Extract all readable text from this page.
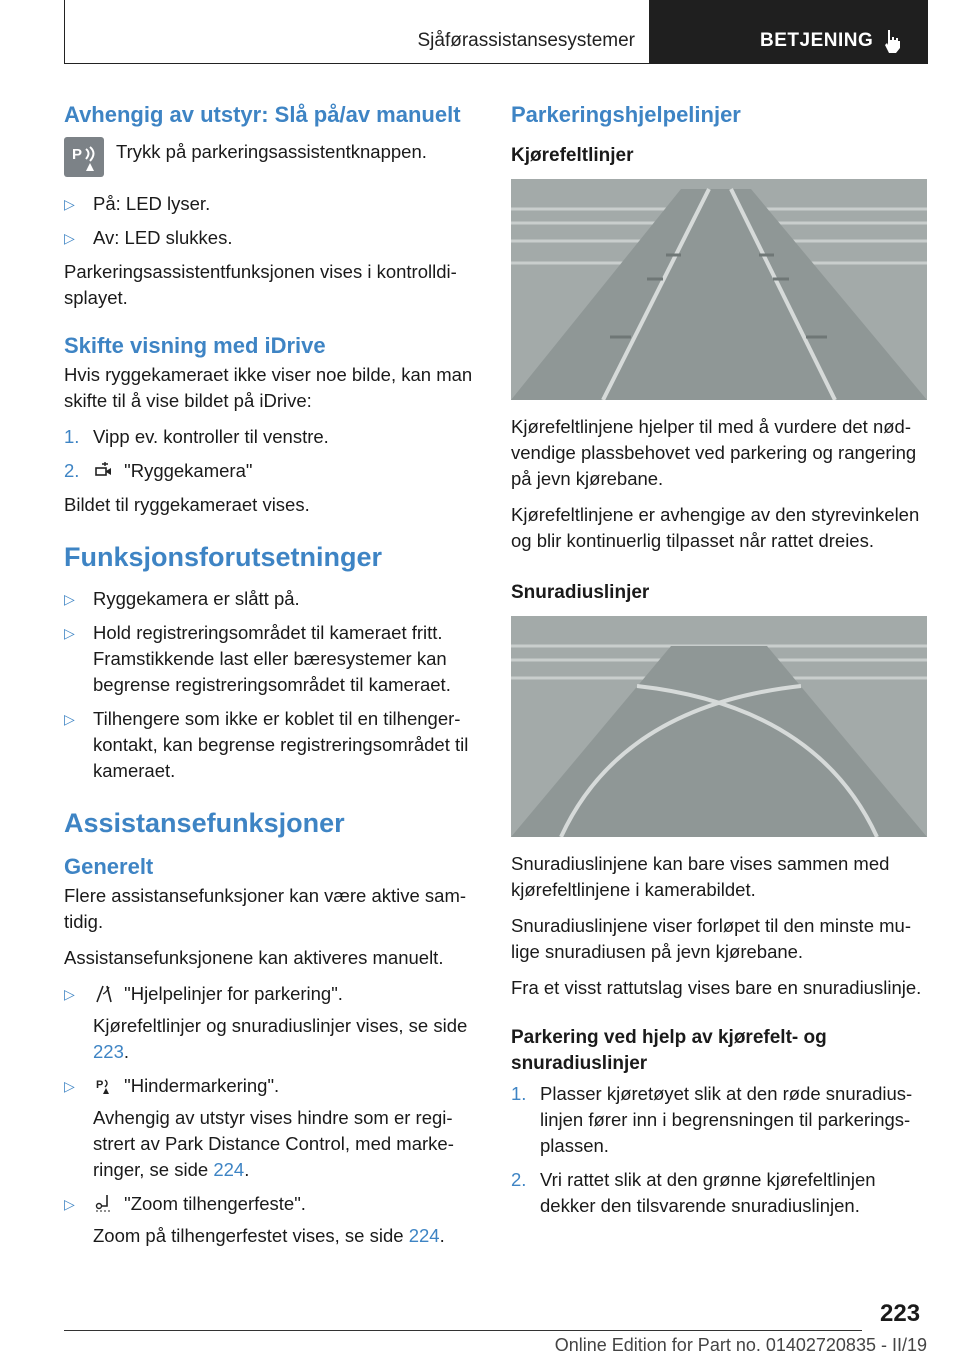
Sjåførassistansesystemer	BETJENING
Avhengig av utstyr: Slå på/av manuelt
P Trykk på parkeringsassistentknappen.

▷ På: LED lyser.
▷ Av: LED slukkes.

Parkeringsassistentfunksjonen vises i kontrolldisplayet.

Skifte visning med iDrive

Hvis ryggekameraet ikke viser noe bilde, kan man skifte til å vise bildet på iDrive:

1. Vipp ev. kontroller til venstre.
2. "Ryggekamera"

Bildet til ryggekameraet vises.

Funksjonsforutsetninger
▷ Ryggekamera er slått på.
▷ Hold registreringsområdet til kameraet fritt. Framstikkende last eller bæresystemer kan begrense registreringsområdet til kameraet.
▷ Tilhengere som ikke er koblet til en tilhengerkontakt, kan begrense registreringsområdet til kameraet.
Assistansefunksjoner
Generelt

Flere assistansefunksjoner kan være aktive samtidig.

Assistansefunksjonene kan aktiveres manuelt.

▷	"Hjelpelinjer for parkering".
Kjørefeltlinjer og snuradiuslinjer vises, se side 223.
▷ P "Hindermarkering".
Avhengig av utstyr vises hindre som er registrert av Park Distance Control, med markeringer, se side 224.
▷	"Zoom tilhengerfeste".
Zoom på tilhengerfestet vises, se side 224.
Parkeringshjelpelinjer
Kjørefeltlinjer

Kjørefeltlinjene hjelper til med å vurdere det nødvendige plassbehovet ved parkering og rangering på jevn kjørebane.

Kjørefeltlinjene er avhengige av den styrevinkelen og blir kontinuerlig tilpasset når rattet dreies.

Snuradiuslinjer

Snuradiuslinjene kan bare vises sammen med kjørefeltlinjene i kamerabildet.

Snuradiuslinjene viser forløpet til den minste mulige snuradiusen på jevn kjørebane.

Fra et visst rattutslag vises bare en snuradiuslinje.

Parkering ved hjelp av kjørefelt- og snuradiuslinjer
1. Plasser kjøretøyet slik at den røde snuradiuslinjen fører inn i begrensningen til parkeringsplassen.
2. Vri rattet slik at den grønne kjørefeltlinjen dekker den tilsvarende snuradiuslinjen.
223
Online Edition for Part no. 01402720835 - II/19
